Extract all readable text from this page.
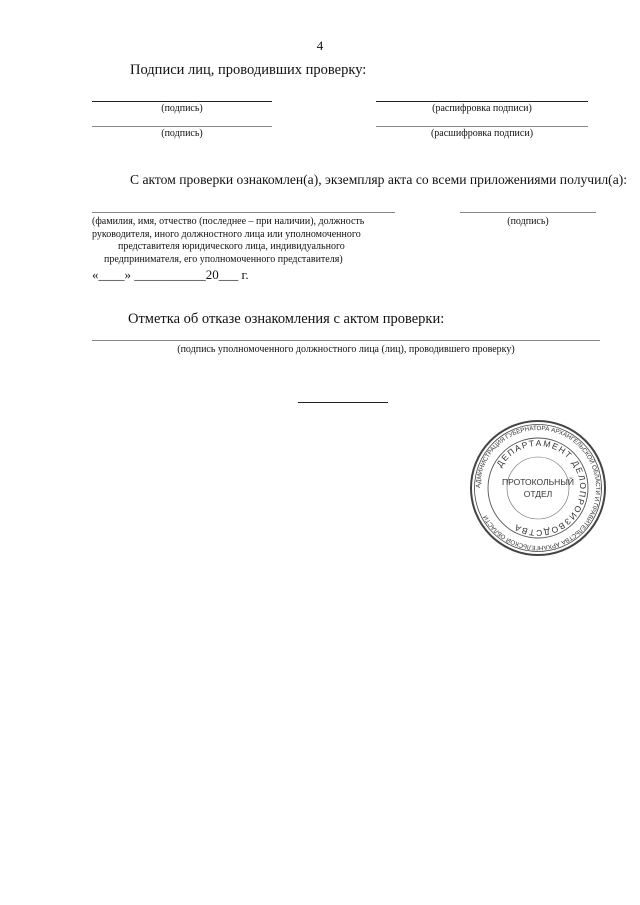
4
Подписи лиц, проводивших проверку:
(подпись)	(распифровка подписи)
(подпись)	(расшифровка подписи)
С актом проверки ознакомлен(а), экземпляр акта со всеми приложениями получил(а):
(фамилия, имя, отчество (последнее – при наличии), должность
руководителя, иного должностного лица или уполномоченного
представителя юридического лица, индивидуального
предпринимателя, его уполномоченного представителя)
(подпись)
«____» ___________20___ г.
Отметка об отказе ознакомления с актом проверки:
(подпись уполномоченного должностного лица (лиц), проводившего проверку)
АДМИНИСТРАЦИЯ ГУБЕРНАТОРА АРХАНГЕЛЬСКОЙ ОБЛАСТИ И ПРАВИТЕЛЬСТВА АРХАНГЕЛЬСКОЙ ОБЛАСТИ
ДЕПАРТАМЕНТ ДЕЛОПРОИЗВОДСТВА
ПРОТОКОЛЬНЫЙ
ОТДЕЛ
